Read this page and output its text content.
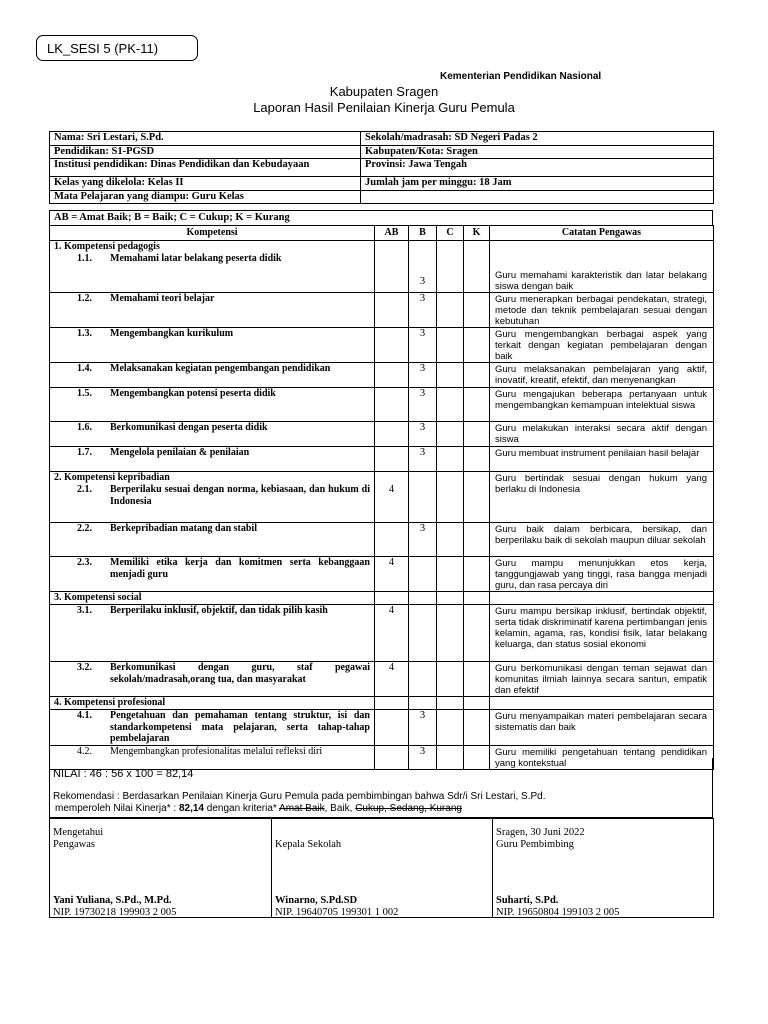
LK_SESI 5 (PK-11)
Kementerian Pendidikan Nasional
Kabupaten Sragen
Laporan Hasil Penilaian Kinerja Guru Pemula
Nama: Sri Lestari, S.Pd.	Sekolah/madrasah: SD Negeri Padas 2
Pendidikan: S1-PGSD	Kabupaten/Kota: Sragen
Institusi pendidikan: Dinas Pendidikan dan Kebudayaan	Provinsi: Jawa Tengah
Kelas yang dikelola: Kelas II	Jumlah jam per minggu: 18 Jam
Mata Pelajaran yang diampu: Guru Kelas	
AB = Amat Baik; B = Baik; C = Cukup; K = Kurang
Kompetensi	AB	B	C	K	Catatan Pengawas

1. Kompetensi pedagogis
1.1. Memahami latar belakang peserta didik		3			Guru memahami karakteristik dan latar belakang siswa dengan baik

1.2. Memahami teori belajar		3			Guru menerapkan berbagai pendekatan, strategi, metode dan teknik pembelajaran sesuai dengan kebutuhan

1.3. Mengembangkan kurikulum		3			Guru mengembangkan berbagai aspek yang terkait dengan kegiatan pembelajaran dengan baik

1.4. Melaksanakan kegiatan pengembangan pendidikan		3			Guru melaksanakan pembelajaran yang aktif, inovatif, kreatif, efektif, dan menyenangkan

1.5. Mengembangkan potensi peserta didik		3			Guru mengajukan beberapa pertanyaan untuk mengembangkan kemampuan intelektual siswa

1.6. Berkomunikasi dengan peserta didik		3			Guru melakukan interaksi secara aktif dengan siswa

1.7. Mengelola penilaian & penilaian		3			Guru membuat instrument penilaian hasil belajar

2. Kompetensi kepribadian
2.1. Berperilaku sesuai dengan norma, kebiasaan, dan hukum di Indonesia	4				Guru bertindak sesuai dengan hukum yang berlaku di Indonesia

2.2. Berkepribadian matang dan stabil		3			Guru baik dalam berbicara, bersikap, dan berperilaku baik di sekolah maupun diluar sekolah

2.3. Memiliki etika kerja dan komitmen serta kebanggaan menjadi guru	4				Guru mampu menunjukkan etos kerja, tanggungjawab yang tinggi, rasa bangga menjadi guru, dan rasa percaya diri

3. Kompetensi social					

3.1. Berperilaku inklusif, objektif, dan tidak pilih kasih	4				Guru mampu bersikap inklusif, bertindak objektif, serta tidak diskriminatif karena pertimbangan jenis kelamin, agama, ras, kondisi fisik, latar belakang keluarga, dan status sosial ekonomi

3.2. Berkomunikasi dengan guru, staf pegawai sekolah/madrasah,orang tua, dan masyarakat	4				Guru berkomunikasi dengan teman sejawat dan komunitas ilmiah lainnya secara santun, empatik dan efektif

4. Kompetensi profesional					

4.1. Pengetahuan dan pemahaman tentang struktur, isi dan standarkompetensi mata pelajaran, serta tahap-tahap pembelajaran		3			Guru menyampaikan materi pembelajaran secara sistematis dan baik

4.2. Mengembangkan profesionalitas melalui refleksi diri		3			Guru memiliki pengetahuan tentang pendidikan yang kontekstual
NILAI : 46 : 56 x 100 = 82,14
Rekomendasi : Berdasarkan Penilaian Kinerja Guru Pemula pada pembimbingan bahwa Sdr/i Sri Lestari, S.Pd.
memperoleh Nilai Kinerja* : 82,14 dengan kriteria* Amat Baik, Baik, Cukup, Sedang, Kurang
Mengetahui
Pengawas
Yani Yuliana, S.Pd., M.Pd.
NIP. 19730218 199903 2 005

Kepala Sekolah
Winarno, S.Pd.SD
NIP. 19640705 199301 1 002

Sragen, 30 Juni 2022
Guru Pembimbing
Suharti, S.Pd.
NIP. 19650804 199103 2 005
